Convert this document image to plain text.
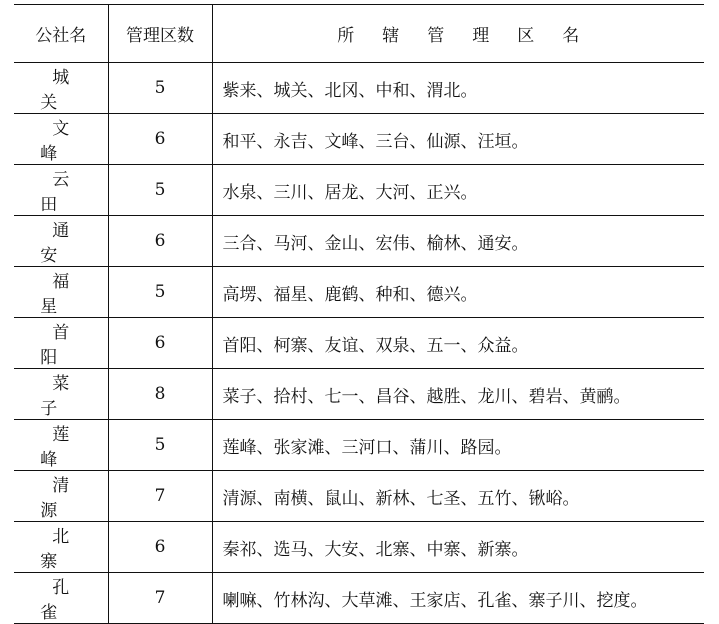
公社名	管理区数	所辖管理区名
城关	5	紫来、城关、北冈、中和、渭北。
文峰	6	和平、永吉、文峰、三台、仙源、汪垣。
云田	5	水泉、三川、居龙、大河、正兴。
通安	6	三合、马河、金山、宏伟、榆林、通安。
福星	5	高塄、福星、鹿鹤、种和、德兴。
首阳	6	首阳、柯寨、友谊、双泉、五一、众益。
菜子	8	菜子、拾村、七一、昌谷、越胜、龙川、碧岩、黄鹂。
莲峰	5	莲峰、张家滩、三河口、蒲川、路园。
清源	7	清源、南横、鼠山、新林、七圣、五竹、锹峪。
北寨	6	秦祁、选马、大安、北寨、中寨、新寨。
孔雀	7	喇嘛、竹林沟、大草滩、王家店、孔雀、寨子川、挖度。
